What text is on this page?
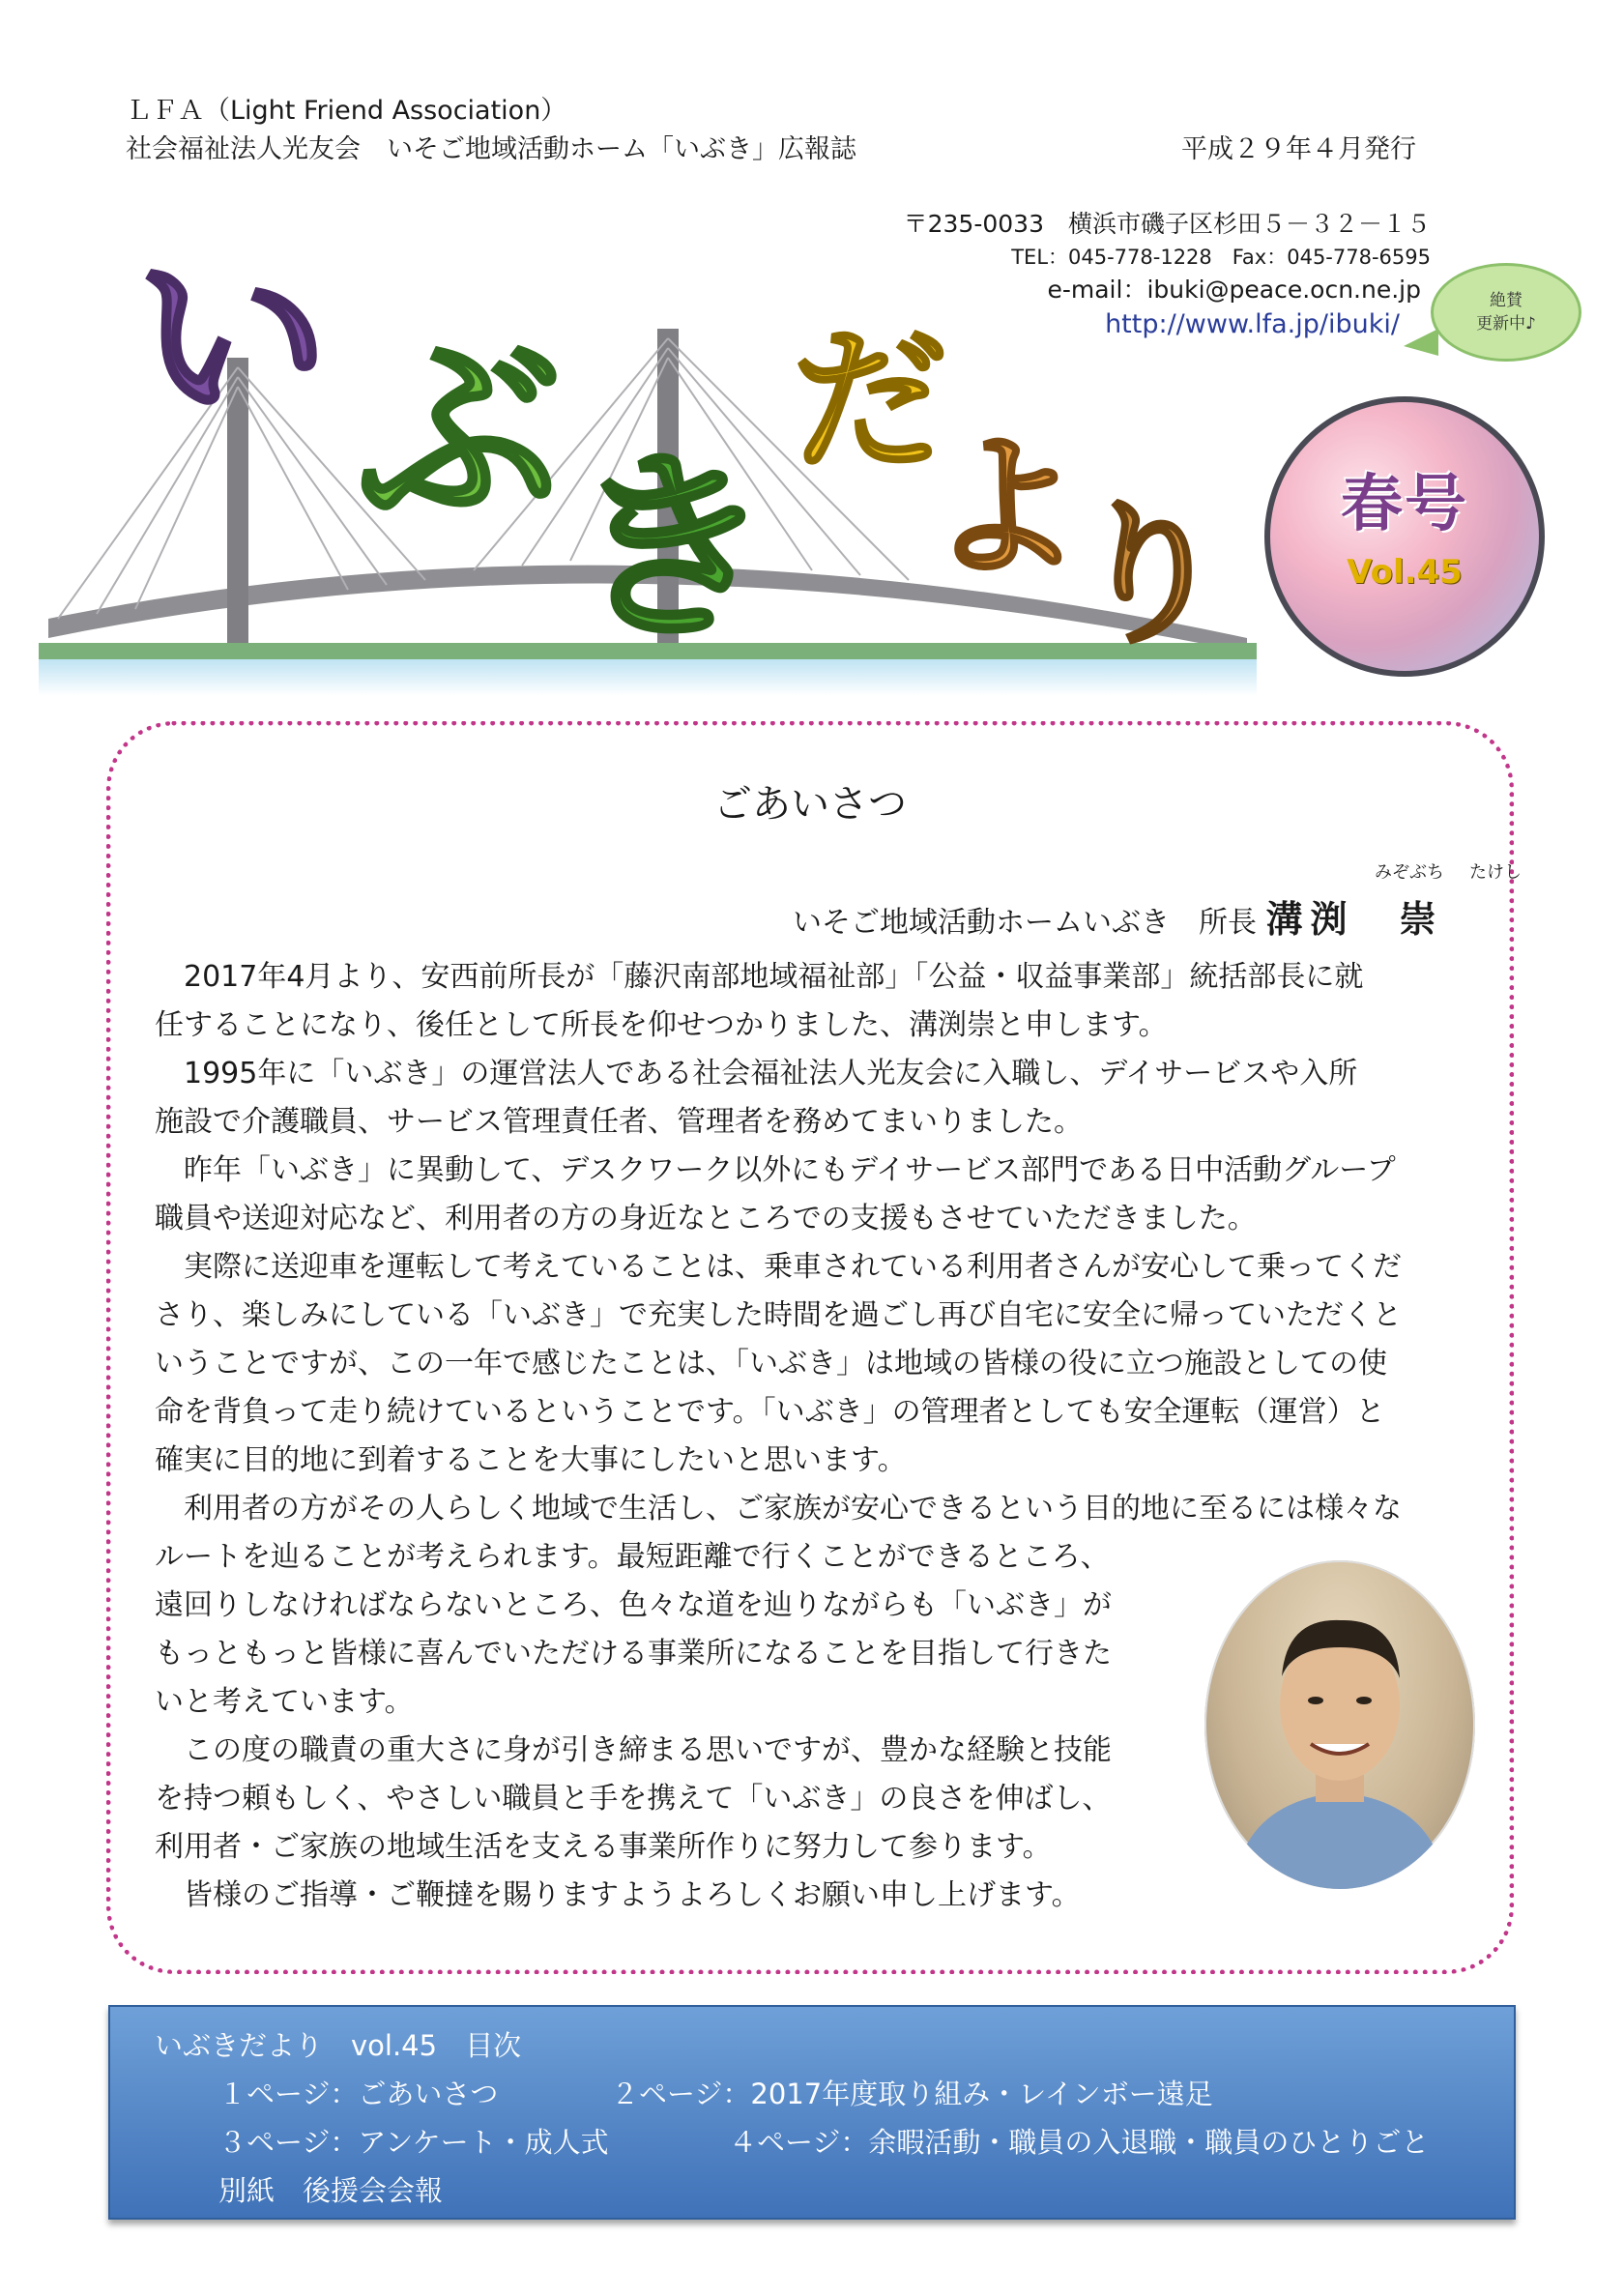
ＬＦＡ（Light Friend Association）
社会福祉法人光友会　いそご地域活動ホーム「いぶき」広報誌	平成２９年４月発行
〒235-0033　横浜市磯子区杉田５－３２－１５
TEL：045-778-1228　Fax：045-778-6595
e-mail：ibuki@peace.ocn.ne.jp
http://www.lfa.jp/ibuki/
絶賛
更新中♪
い ぶ き
だ
よ
り	春号
Vol.45
ごあいさつ
みぞぶち たけし
いそご地域活動ホームいぶき　所長 溝渕　崇
　2017年4月より、安西前所長が「藤沢南部地域福祉部」「公益・収益事業部」統括部長に就
任することになり、後任として所長を仰せつかりました、溝渕崇と申します。
　1995年に「いぶき」の運営法人である社会福祉法人光友会に入職し、デイサービスや入所
施設で介護職員、サービス管理責任者、管理者を務めてまいりました。
　昨年「いぶき」に異動して、デスクワーク以外にもデイサービス部門である日中活動グループ
職員や送迎対応など、利用者の方の身近なところでの支援もさせていただきました。
　実際に送迎車を運転して考えていることは、乗車されている利用者さんが安心して乗ってくだ
さり、楽しみにしている「いぶき」で充実した時間を過ごし再び自宅に安全に帰っていただくと
いうことですが、この一年で感じたことは、「いぶき」は地域の皆様の役に立つ施設としての使
命を背負って走り続けているということです。「いぶき」の管理者としても安全運転（運営）と
確実に目的地に到着することを大事にしたいと思います。
　利用者の方がその人らしく地域で生活し、ご家族が安心できるという目的地に至るには様々な
ルートを辿ることが考えられます。最短距離で行くことができるところ、
遠回りしなければならないところ、色々な道を辿りながらも「いぶき」が
もっともっと皆様に喜んでいただける事業所になることを目指して行きた
いと考えています。
　この度の職責の重大さに身が引き締まる思いですが、豊かな経験と技能
を持つ頼もしく、やさしい職員と手を携えて「いぶき」の良さを伸ばし、
利用者・ご家族の地域生活を支える事業所作りに努力して参ります。
　皆様のご指導・ご鞭撻を賜りますようよろしくお願い申し上げます。
いぶきだより　vol.45　目次
１ページ：ごあいさつ	２ページ：2017年度取り組み・レインボー遠足
３ページ：アンケート・成人式	４ページ：余暇活動・職員の入退職・職員のひとりごと
別紙　後援会会報
